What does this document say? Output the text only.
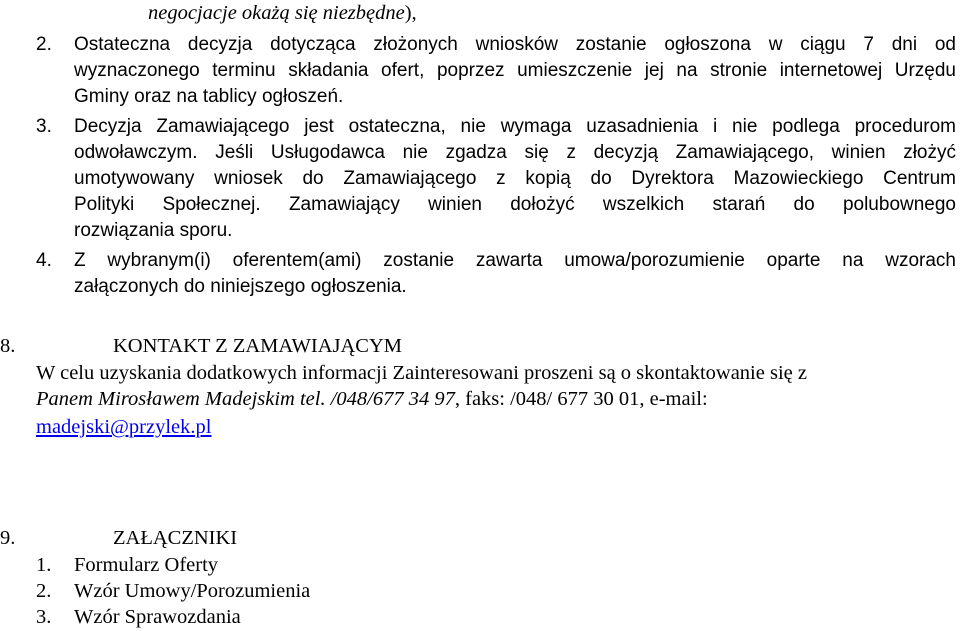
negocjacje okażą się niezbędne),
2. Ostateczna decyzja dotycząca złożonych wniosków zostanie ogłoszona w ciągu 7 dni od
wyznaczonego terminu składania ofert, poprzez umieszczenie jej na stronie internetowej Urzędu
Gminy oraz na tablicy ogłoszeń.
3. Decyzja Zamawiającego jest ostateczna, nie wymaga uzasadnienia i nie podlega procedurom
odwoławczym. Jeśli Usługodawca nie zgadza się z decyzją Zamawiającego, winien złożyć
umotywowany wniosek do Zamawiającego z kopią do Dyrektora Mazowieckiego Centrum
Polityki Społecznej. Zamawiający winien dołożyć wszelkich starań do polubownego
rozwiązania sporu.
4. Z wybranym(i) oferentem(ami) zostanie zawarta umowa/porozumienie oparte na wzorach
załączonych do niniejszego ogłoszenia.
8.	KONTAKT Z ZAMAWIAJĄCYM
W celu uzyskania dodatkowych informacji Zainteresowani proszeni są o skontaktowanie się z
Panem Mirosławem Madejskim tel. /048/677 34 97, faks: /048/ 677 30 01, e-mail:
madejski@przylek.pl
9.	ZAŁĄCZNIKI
1. Formularz Oferty
2. Wzór Umowy/Porozumienia
3. Wzór Sprawozdania
